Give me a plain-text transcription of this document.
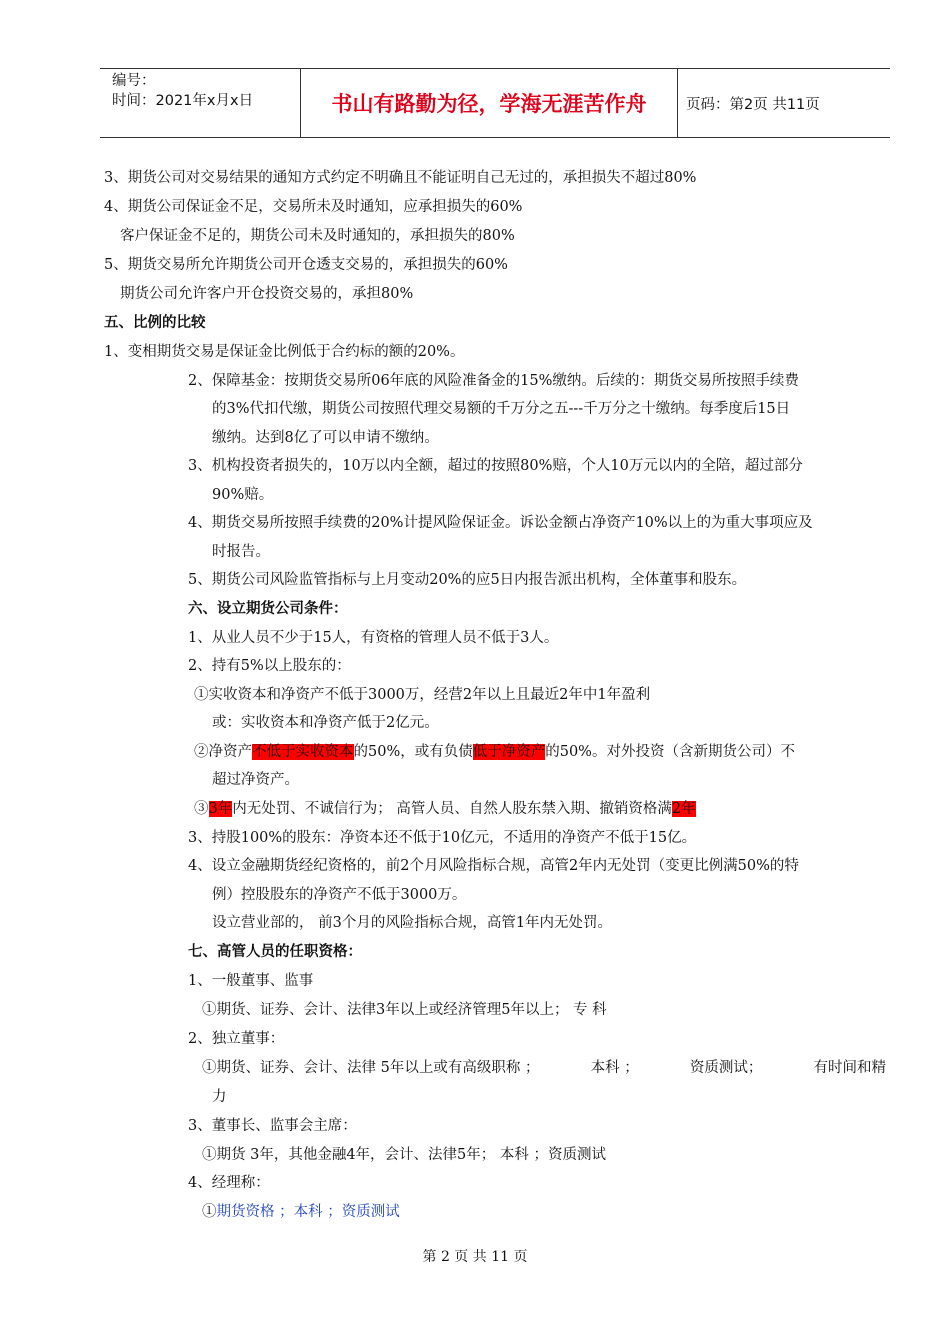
编号：
时间：2021年x月x日	书山有路勤为径，学海无涯苦作舟	页码：第2页 共11页
3、期货公司对交易结果的通知方式约定不明确且不能证明自己无过的，承担损失不超过80%
4、期货公司保证金不足，交易所未及时通知，应承担损失的60%
客户保证金不足的，期货公司未及时通知的，承担损失的80%
5、期货交易所允许期货公司开仓透支交易的，承担损失的60%
期货公司允许客户开仓投资交易的，承担80%
五、比例的比较
1、变相期货交易是保证金比例低于合约标的额的20%。
2、保障基金：按期货交易所06年底的风险准备金的15%缴纳。后续的：期货交易所按照手续费
的3%代扣代缴，期货公司按照代理交易额的千万分之五---千万分之十缴纳。每季度后15日
缴纳。达到8亿了可以申请不缴纳。
3、机构投资者损失的，10万以内全额，超过的按照80%赔，个人10万元以内的全陪，超过部分
90%赔。
4、期货交易所按照手续费的20%计提风险保证金。诉讼金额占净资产10%以上的为重大事项应及
时报告。
5、期货公司风险监管指标与上月变动20%的应5日内报告派出机构，全体董事和股东。
六、设立期货公司条件：
1、从业人员不少于15人，有资格的管理人员不低于3人。
2、持有5%以上股东的：
①实收资本和净资产不低于3000万，经营2年以上且最近2年中1年盈利
或：实收资本和净资产低于2亿元。
②净资产不低于实收资本的50%，或有负债低于净资产的50%。对外投资（含新期货公司）不
超过净资产。
③3年内无处罚、不诚信行为； 高管人员、自然人股东禁入期、撤销资格满2年
3、持股100%的股东：净资本还不低于10亿元，不适用的净资产不低于15亿。
4、设立金融期货经纪资格的，前2个月风险指标合规，高管2年内无处罚（变更比例满50%的特
例）控股股东的净资产不低于3000万。
设立营业部的， 前3个月的风险指标合规，高管1年内无处罚。
七、高管人员的任职资格：
1、一般董事、监事
①期货、证券、会计、法律3年以上或经济管理5年以上； 专 科
2、独立董事：
①期货、证券、会计、法律 5年以上或有高级职称 ；	本科 ；	资质测试；	有时间和精
力
3、董事长、监事会主席：
①期货 3年，其他金融4年，会计、法律5年； 本科 ；资质测试
4、经理称：
①期货资格 ；本科 ；资质测试
第 2 页 共 11 页
